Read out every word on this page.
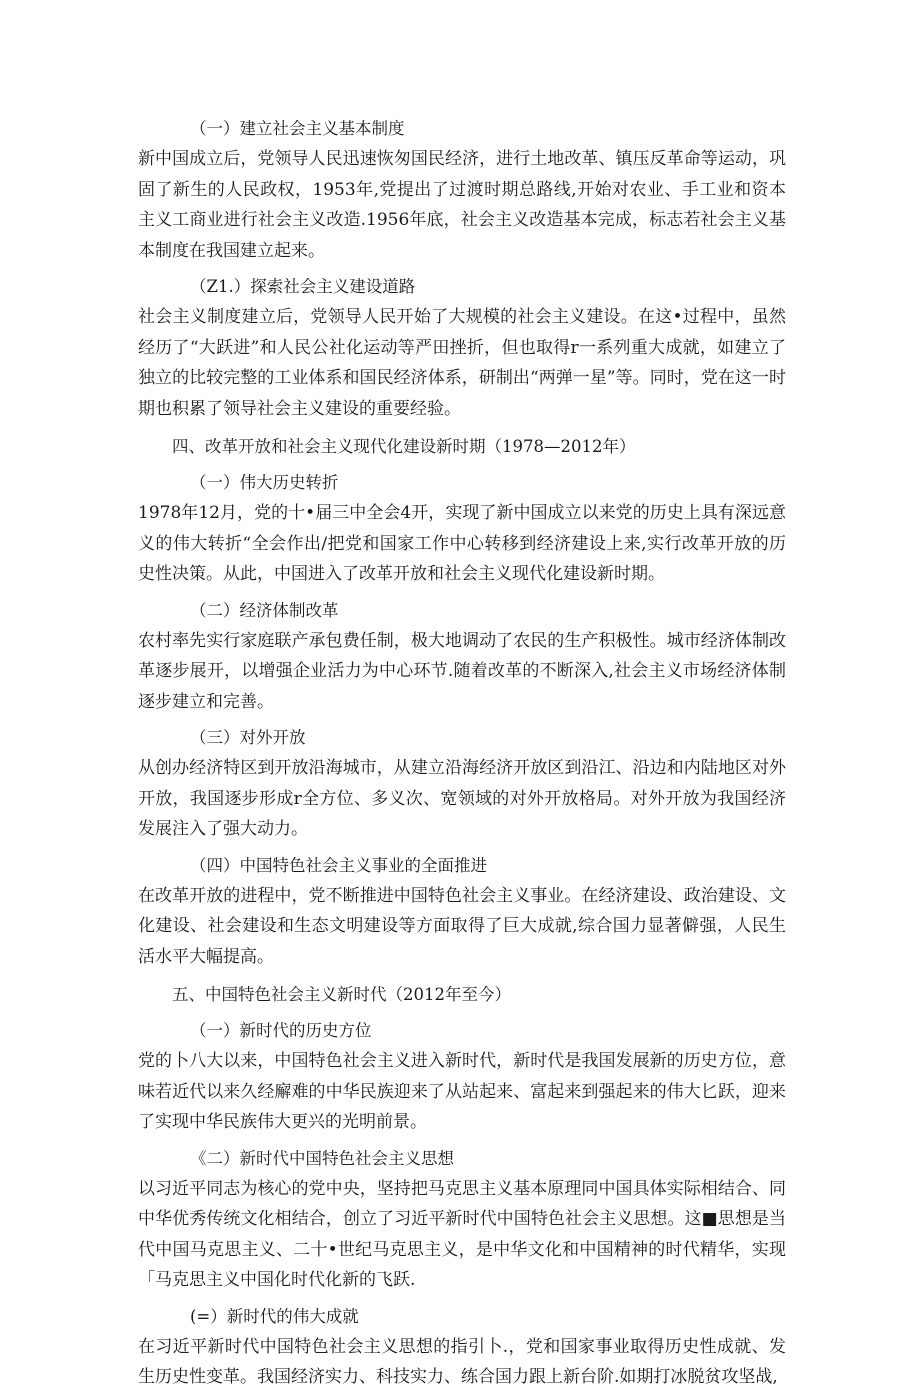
（一）建立社会主义基本制度

新中国成立后，党领导人民迅速恢匆国民经济，进行土地改革、镇压反革命等运动，巩固了新生的人民政权，1953年,党提出了过渡时期总路线,开始对农业、手工业和资本主义工商业进行社会主义改造.1956年底，社会主义改造基本完成，标志若社会主义基本制度在我国建立起来。

（Z1.）探索社会主义建设道路

社会主义制度建立后，党领导人民开始了大规模的社会主义建设。在这•过程中，虽然经历了“大跃进”和人民公社化运动等严田挫折，但也取得r一系列重大成就，如建立了独立的比较完整的工业体系和国民经济体系，研制出“两弹一星”等。同时，党在这一时期也积累了领导社会主义建设的重要经验。

四、改革开放和社会主义现代化建设新时期（1978—2012年）
（一）伟大历史转折

1978年12月，党的十•届三中全会4开，实现了新中国成立以来党的历史上具有深远意义的伟大转折“全会作出/把党和国家工作中心转移到经济建设上来,实行改革开放的历史性决策。从此，中国进入了改革开放和社会主义现代化建设新时期。

（二）经济体制改革

农村率先实行家庭联产承包费任制，极大地调动了农民的生产积极性。城市经济体制改革逐步展开，以增强企业活力为中心环节.随着改革的不断深入,社会主义市场经济体制逐步建立和完善。

（三）对外开放

从创办经济特区到开放沿海城市，从建立沿海经济开放区到沿江、沿边和内陆地区对外开放，我国逐步形成r全方位、多义次、宽领域的对外开放格局。对外开放为我国经济发展注入了强大动力。

（四）中国特色社会主义事业的全面推进

在改革开放的进程中，党不断推进中国特色社会主义事业。在经济建设、政治建设、文化建设、社会建设和生态文明建设等方面取得了巨大成就,综合国力显著僻强，人民生活水平大幅提高。

五、中国特色社会主义新时代（2012年至今）
（一）新时代的历史方位

党的卜八大以来，中国特色社会主义进入新时代，新时代是我国发展新的历史方位，意味若近代以来久经廨难的中华民族迎来了从站起来、富起来到强起来的伟大匕跃，迎来了实现中华民族伟大更兴的光明前景。

《二）新时代中国特色社会主义思想

以习近平同志为核心的党中央，坚持把马克思主义基本原理同中国具体实际相结合、同中华优秀传统文化相结合，创立了习近平新时代中国特色社会主义思想。这■思想是当代中国马克思主义、二十•世纪马克思主义，是中华文化和中国精神的时代精华，实现「马克思主义中国化时代化新的飞跃.

(=）新时代的伟大成就

在习近平新时代中国特色社会主义思想的指引卜.，党和国家事业取得历史性成就、发生历史性变革。我国经济实力、科技实力、练合国力跟上新台阶.如期打冰脱贫攻坚战,
